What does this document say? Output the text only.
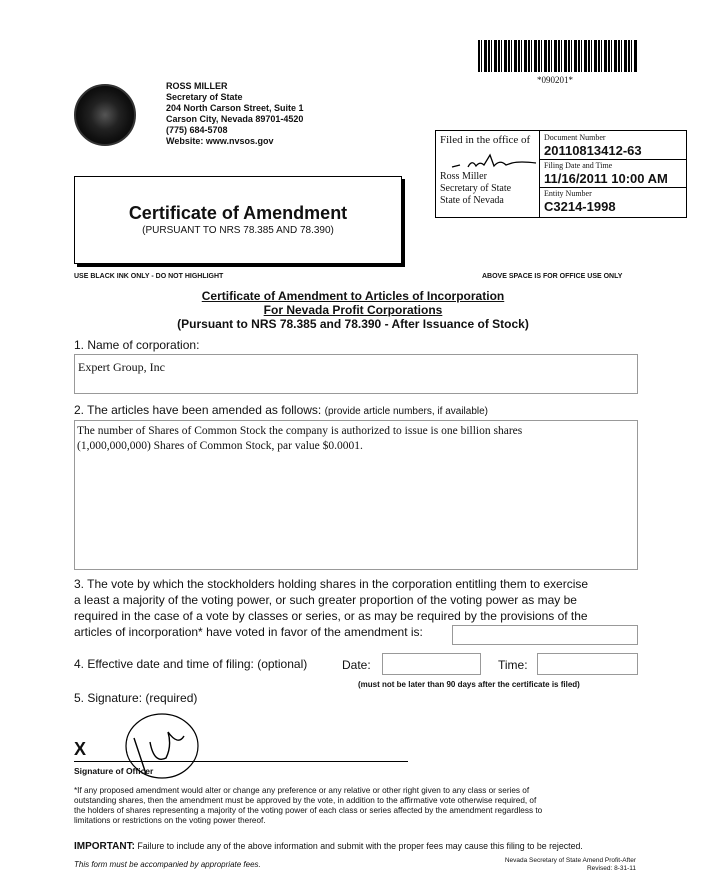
*090201*
ROSS MILLER
Secretary of State
204 North Carson Street, Suite 1
Carson City, Nevada 89701-4520
(775) 684-5708
Website: www.nvsos.gov	Filed in the office of
Ross Miller
Secretary of State
State of Nevada
Document Number
20110813412-63
Filing Date and Time
11/16/2011 10:00 AM
Entity Number
C3214-1998
Certificate of Amendment
(PURSUANT TO NRS 78.385 AND 78.390)
USE BLACK INK ONLY - DO NOT HIGHLIGHT	ABOVE SPACE IS FOR OFFICE USE ONLY
Certificate of Amendment to Articles of Incorporation
For Nevada Profit Corporations
(Pursuant to NRS 78.385 and 78.390 - After Issuance of Stock)
1. Name of corporation:
Expert Group, Inc
2. The articles have been amended as follows: (provide article numbers, if available)
The number of Shares of Common Stock the company is authorized to issue is one billion shares
(1,000,000,000) Shares of Common Stock, par value $0.0001.
3. The vote by which the stockholders holding shares in the corporation entitling them to exercise
a least a majority of the voting power, or such greater proportion of the voting power as may be
required in the case of a vote by classes or series, or as may be required by the provisions of the
articles of incorporation* have voted in favor of the amendment is:
4. Effective date and time of filing: (optional)	Date:	Time:
(must not be later than 90 days after the certificate is filed)
5. Signature: (required)
X
Signature of Officer
*If any proposed amendment would alter or change any preference or any relative or other right given to any class or series of
outstanding shares, then the amendment must be approved by the vote, in addition to the affirmative vote otherwise required, of
the holders of shares representing a majority of the voting power of each class or series affected by the amendment regardless to
limitations or restrictions on the voting power thereof.
IMPORTANT: Failure to include any of the above information and submit with the proper fees may cause this filing to be rejected.
This form must be accompanied by appropriate fees.	Nevada Secretary of State Amend Profit-After
Revised: 8-31-11
